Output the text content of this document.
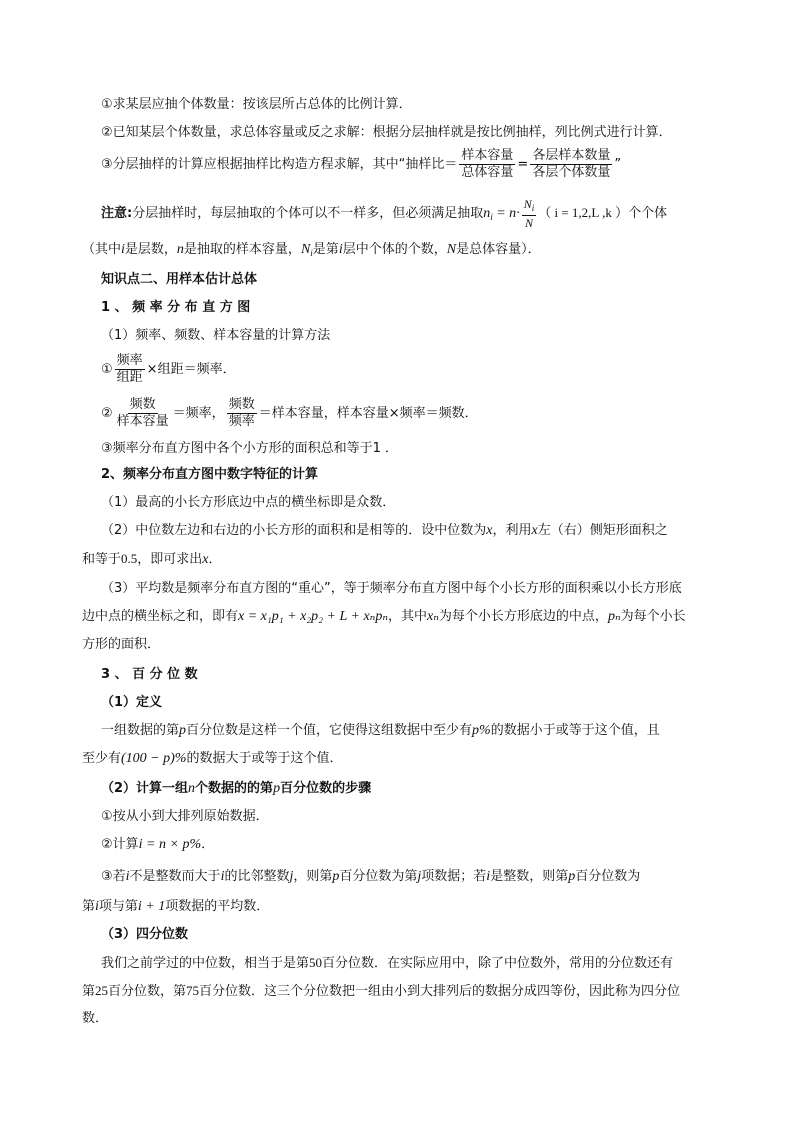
①求某层应抽个体数量：按该层所占总体的比例计算．
②已知某层个体数量，求总体容量或反之求解：根据分层抽样就是按比例抽样，列比例式进行计算．
③分层抽样的计算应根据抽样比构造方程求解，其中“抽样比＝ $\frac{\text{样本容量}}{\text{总体容量}} = \frac{\text{各层样本数量}}{\text{各层个体数量}}$ ”
注意:分层抽样时，每层抽取的个体可以不一样多，但必须满足抽取$n_i = n\cdot \frac{N_i}{N}$ （ i = 1,2,L ,k ）个个体
（其中i是层数，n是抽取的样本容量，$N_i$是第i层中个体的个数，N是总体容量）．
知识点二、用样本估计总体
1 、 频 率 分 布 直 方 图
（1）频率、频数、样本容量的计算方法
① $\frac{\text{频率}}{\text{组距}}$ ×组距＝频率．
② $\frac{\text{频数}}{\text{样本容量}}$ ＝频率， $\frac{\text{频数}}{\text{频率}}$ ＝样本容量，样本容量×频率＝频数．
③频率分布直方图中各个小方形的面积总和等于1 ．
2、频率分布直方图中数字特征的计算
（1）最高的小长方形底边中点的横坐标即是众数．
（2）中位数左边和右边的小长方形的面积和是相等的．设中位数为x，利用x左（右）侧矩形面积之
和等于0.5，即可求出x．
（3）平均数是频率分布直方图的“重心”，等于频率分布直方图中每个小长方形的面积乘以小长方形底
边中点的横坐标之和，即有x = x₁p₁ + x₂p₂ + L + xₙpₙ，其中xₙ为每个小长方形底边的中点，pₙ为每个小长
方形的面积．
3 、 百 分 位 数
（1）定义
一组数据的第p百分位数是这样一个值，它使得这组数据中至少有p%的数据小于或等于这个值，且
至少有(100 − p)%的数据大于或等于这个值．
（2）计算一组n个数据的的第p百分位数的步骤
①按从小到大排列原始数据．
②计算i = n × p%．
③若i不是整数而大于i的比邻整数j，则第p百分位数为第j项数据；若i是整数，则第p百分位数为
第i项与第i + 1项数据的平均数．
（3）四分位数
我们之前学过的中位数，相当于是第50百分位数．在实际应用中，除了中位数外，常用的分位数还有
第25百分位数，第75百分位数．这三个分位数把一组由小到大排列后的数据分成四等份，因此称为四分位
数．
